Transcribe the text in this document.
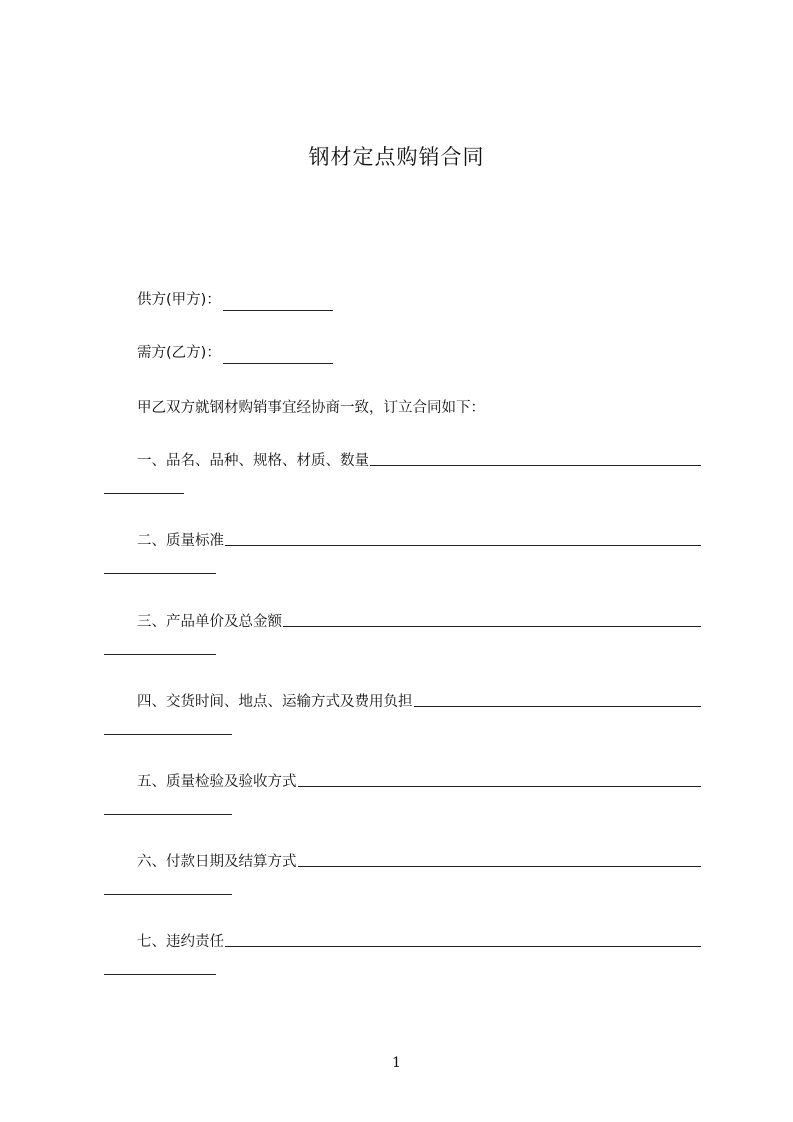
钢材定点购销合同
供方(甲方)：
需方(乙方)：
甲乙双方就钢材购销事宜经协商一致，订立合同如下：
一、品名、品种、规格、材质、数量
二、质量标准
三、产品单价及总金额
四、交货时间、地点、运输方式及费用负担
五、质量检验及验收方式
六、付款日期及结算方式
七、违约责任
1
